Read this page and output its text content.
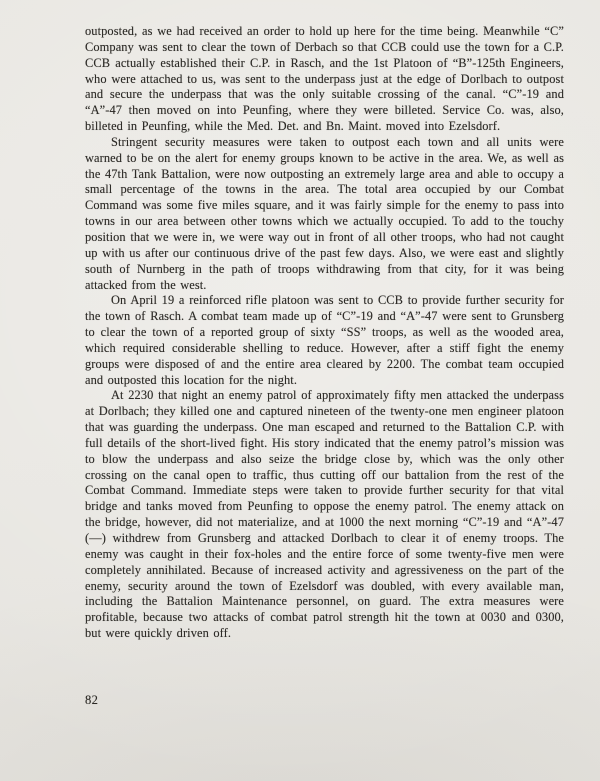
outposted, as we had received an order to hold up here for the time being. Meanwhile “C” Company was sent to clear the town of Derbach so that CCB could use the town for a C.P. CCB actually established their C.P. in Rasch, and the 1st Platoon of “B”-125th Engineers, who were attached to us, was sent to the underpass just at the edge of Dorlbach to outpost and secure the underpass that was the only suitable crossing of the canal. “C”-19 and “A”-47 then moved on into Peunfing, where they were billeted. Service Co. was, also, billeted in Peunfing, while the Med. Det. and Bn. Maint. moved into Ezelsdorf.

Stringent security measures were taken to outpost each town and all units were warned to be on the alert for enemy groups known to be active in the area. We, as well as the 47th Tank Battalion, were now outposting an extremely large area and able to occupy a small percentage of the towns in the area. The total area occupied by our Combat Command was some five miles square, and it was fairly simple for the enemy to pass into towns in our area between other towns which we actually occupied. To add to the touchy position that we were in, we were way out in front of all other troops, who had not caught up with us after our continuous drive of the past few days. Also, we were east and slightly south of Nurnberg in the path of troops withdrawing from that city, for it was being attacked from the west.

On April 19 a reinforced rifle platoon was sent to CCB to provide further security for the town of Rasch. A combat team made up of “C”-19 and “A”-47 were sent to Grunsberg to clear the town of a reported group of sixty “SS” troops, as well as the wooded area, which required considerable shelling to reduce. However, after a stiff fight the enemy groups were disposed of and the entire area cleared by 2200. The combat team occupied and outposted this location for the night.

At 2230 that night an enemy patrol of approximately fifty men attacked the underpass at Dorlbach; they killed one and captured nineteen of the twenty-one men engineer platoon that was guarding the underpass. One man escaped and returned to the Battalion C.P. with full details of the short-lived fight. His story indicated that the enemy patrol’s mission was to blow the underpass and also seize the bridge close by, which was the only other crossing on the canal open to traffic, thus cutting off our battalion from the rest of the Combat Command. Immediate steps were taken to provide further security for that vital bridge and tanks moved from Peunfing to oppose the enemy patrol. The enemy attack on the bridge, however, did not materialize, and at 1000 the next morning “C”-19 and “A”-47 (—) withdrew from Grunsberg and attacked Dorlbach to clear it of enemy troops. The enemy was caught in their fox-holes and the entire force of some twenty-five men were completely annihilated. Because of increased activity and agressiveness on the part of the enemy, security around the town of Ezelsdorf was doubled, with every available man, including the Battalion Maintenance personnel, on guard. The extra measures were profitable, because two attacks of combat patrol strength hit the town at 0030 and 0300, but were quickly driven off.

82
